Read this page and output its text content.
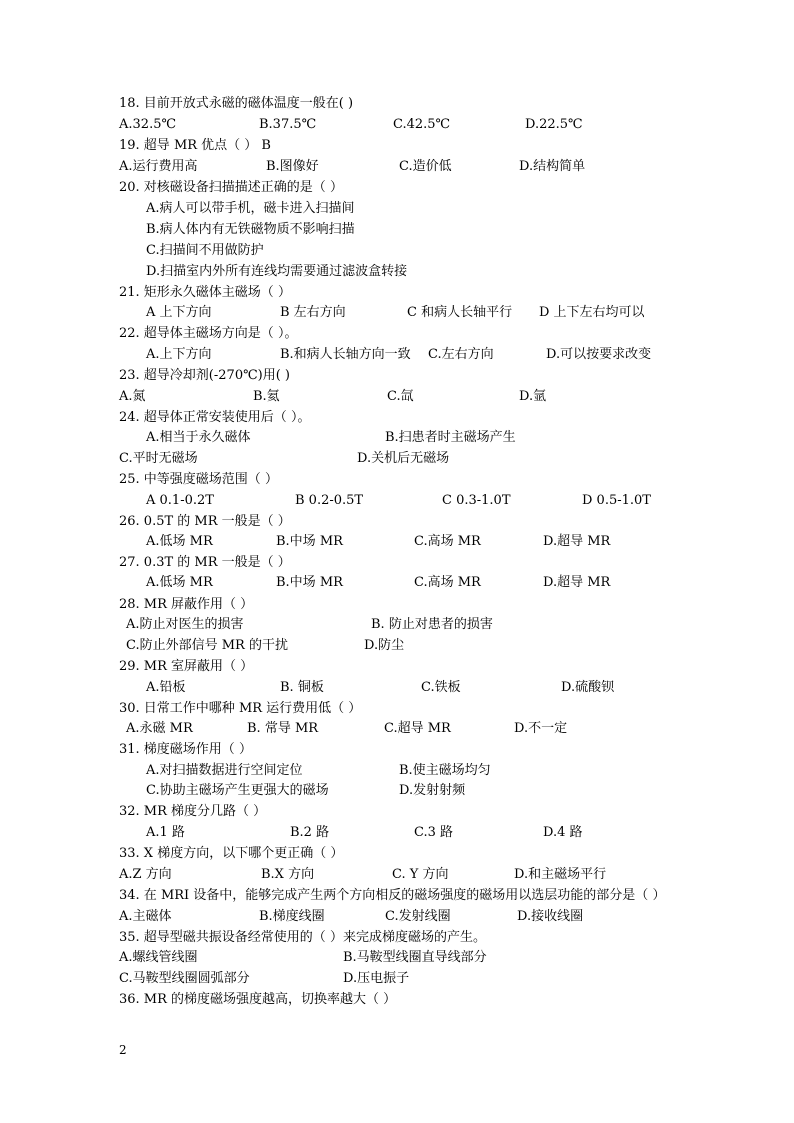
18. 目前开放式永磁的磁体温度一般在( )
A.32.5℃	B.37.5℃	C.42.5℃	D.22.5℃
19. 超导 MR 优点（ ） B
A.运行费用高	B.图像好	C.造价低	D.结构简单
20. 对核磁设备扫描描述正确的是（ ）
A.病人可以带手机，磁卡进入扫描间
B.病人体内有无铁磁物质不影响扫描
C.扫描间不用做防护
D.扫描室内外所有连线均需要通过滤波盒转接
21. 矩形永久磁体主磁场（ ）
A 上下方向	B 左右方向	C 和病人长轴平行 D 上下左右均可以
22. 超导体主磁场方向是（ ）。
A.上下方向	B.和病人长轴方向一致 C.左右方向	D.可以按要求改变
23. 超导冷却剂(-270℃)用( )
A.氮	B.氦	C.氙	D.氩
24. 超导体正常安装使用后（ ）。
A.相当于永久磁体	B.扫患者时主磁场产生
C.平时无磁场	D.关机后无磁场
25. 中等强度磁场范围（ ）
A 0.1-0.2T	B 0.2-0.5T	C 0.3-1.0T	D 0.5-1.0T
26. 0.5T 的 MR 一般是（ ）
A.低场 MR	B.中场 MR	C.高场 MR	D.超导 MR
27. 0.3T 的 MR 一般是（ ）
A.低场 MR	B.中场 MR	C.高场 MR	D.超导 MR
28. MR 屏蔽作用（ ）
A.防止对医生的损害	B. 防止对患者的损害
C.防止外部信号 MR 的干扰	D.防尘
29. MR 室屏蔽用（ ）
A.铅板	B. 铜板	C.铁板	D.硫酸钡
30. 日常工作中哪种 MR 运行费用低（ ）
A.永磁 MR	B. 常导 MR	C.超导 MR	D.不一定
31. 梯度磁场作用（ ）
A.对扫描数据进行空间定位	B.使主磁场均匀
C.协助主磁场产生更强大的磁场	D.发射射频
32. MR 梯度分几路（ ）
A.1 路	B.2 路	C.3 路	D.4 路
33. X 梯度方向，以下哪个更正确（ ）
A.Z 方向	B.X 方向	C. Y 方向	D.和主磁场平行
34. 在 MRI 设备中，能够完成产生两个方向相反的磁场强度的磁场用以选层功能的部分是（ ）
A.主磁体	B.梯度线圈	C.发射线圈	D.接收线圈
35. 超导型磁共振设备经常使用的（ ）来完成梯度磁场的产生。
A.螺线管线圈	B.马鞍型线圈直导线部分
C.马鞍型线圈圆弧部分	D.压电振子
36. MR 的梯度磁场强度越高，切换率越大（ ）
2
